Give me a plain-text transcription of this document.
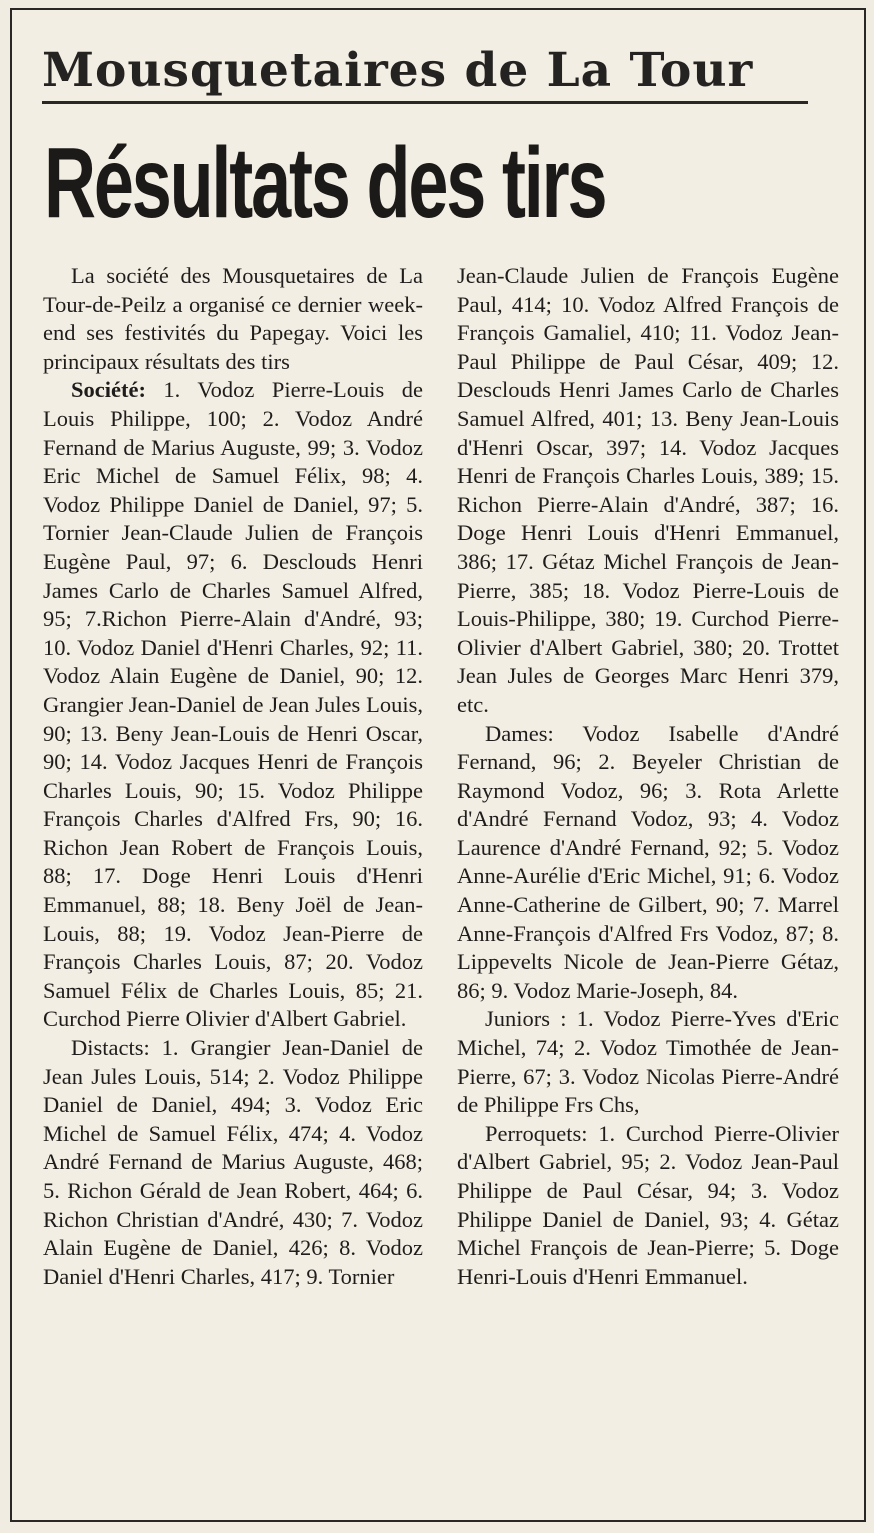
Mousquetaires de La Tour
Résultats des tirs

La société des Mousquetaires de La Tour-de-Peilz a organisé ce dernier week-end ses festivités du Papegay. Voici les principaux résultats des tirs

Société: 1. Vodoz Pierre-Louis de Louis Philippe, 100; 2. Vodoz André Fernand de Marius Auguste, 99; 3. Vodoz Eric Michel de Samuel Félix, 98; 4. Vodoz Philippe Daniel de Daniel, 97; 5. Tornier Jean-Claude Julien de François Eugène Paul, 97; 6. Desclouds Henri James Carlo de Charles Samuel Alfred, 95; 7.Richon Pierre-Alain d'André, 93; 10. Vodoz Daniel d'Henri Charles, 92; 11. Vodoz Alain Eugène de Daniel, 90; 12. Grangier Jean-Daniel de Jean Jules Louis, 90; 13. Beny Jean-Louis de Henri Oscar, 90; 14. Vodoz Jacques Henri de François Charles Louis, 90; 15. Vodoz Philippe François Charles d'Alfred Frs, 90; 16. Richon Jean Robert de François Louis, 88; 17. Doge Henri Louis d'Henri Emmanuel, 88; 18. Beny Joël de Jean-Louis, 88; 19. Vodoz Jean-Pierre de François Charles Louis, 87; 20. Vodoz Samuel Félix de Charles Louis, 85; 21. Curchod Pierre Olivier d'Albert Gabriel.

Distacts: 1. Grangier Jean-Daniel de Jean Jules Louis, 514; 2. Vodoz Philippe Daniel de Daniel, 494; 3. Vodoz Eric Michel de Samuel Félix, 474; 4. Vodoz André Fernand de Marius Auguste, 468; 5. Richon Gérald de Jean Robert, 464; 6. Richon Christian d'André, 430; 7. Vodoz Alain Eugène de Daniel, 426; 8. Vodoz Daniel d'Henri Charles, 417; 9. Tornier

Jean-Claude Julien de François Eugène Paul, 414; 10. Vodoz Alfred François de François Gamaliel, 410; 11. Vodoz Jean-Paul Philippe de Paul César, 409; 12. Desclouds Henri James Carlo de Charles Samuel Alfred, 401; 13. Beny Jean-Louis d'Henri Oscar, 397; 14. Vodoz Jacques Henri de François Charles Louis, 389; 15. Richon Pierre-Alain d'André, 387; 16. Doge Henri Louis d'Henri Emmanuel, 386; 17. Gétaz Michel François de Jean-Pierre, 385; 18. Vodoz Pierre-Louis de Louis-Philippe, 380; 19. Curchod Pierre-Olivier d'Albert Gabriel, 380; 20. Trottet Jean Jules de Georges Marc Henri 379, etc.

Dames: Vodoz Isabelle d'André Fernand, 96; 2. Beyeler Christian de Raymond Vodoz, 96; 3. Rota Arlette d'André Fernand Vodoz, 93; 4. Vodoz Laurence d'André Fernand, 92; 5. Vodoz Anne-Aurélie d'Eric Michel, 91; 6. Vodoz Anne-Catherine de Gilbert, 90; 7. Marrel Anne-François d'Alfred Frs Vodoz, 87; 8. Lippevelts Nicole de Jean-Pierre Gétaz, 86; 9. Vodoz Marie-Joseph, 84.

Juniors : 1. Vodoz Pierre-Yves d'Eric Michel, 74; 2. Vodoz Timothée de Jean-Pierre, 67; 3. Vodoz Nicolas Pierre-André de Philippe Frs Chs,

Perroquets: 1. Curchod Pierre-Olivier d'Albert Gabriel, 95; 2. Vodoz Jean-Paul Philippe de Paul César, 94; 3. Vodoz Philippe Daniel de Daniel, 93; 4. Gétaz Michel François de Jean-Pierre; 5. Doge Henri-Louis d'Henri Emmanuel.
